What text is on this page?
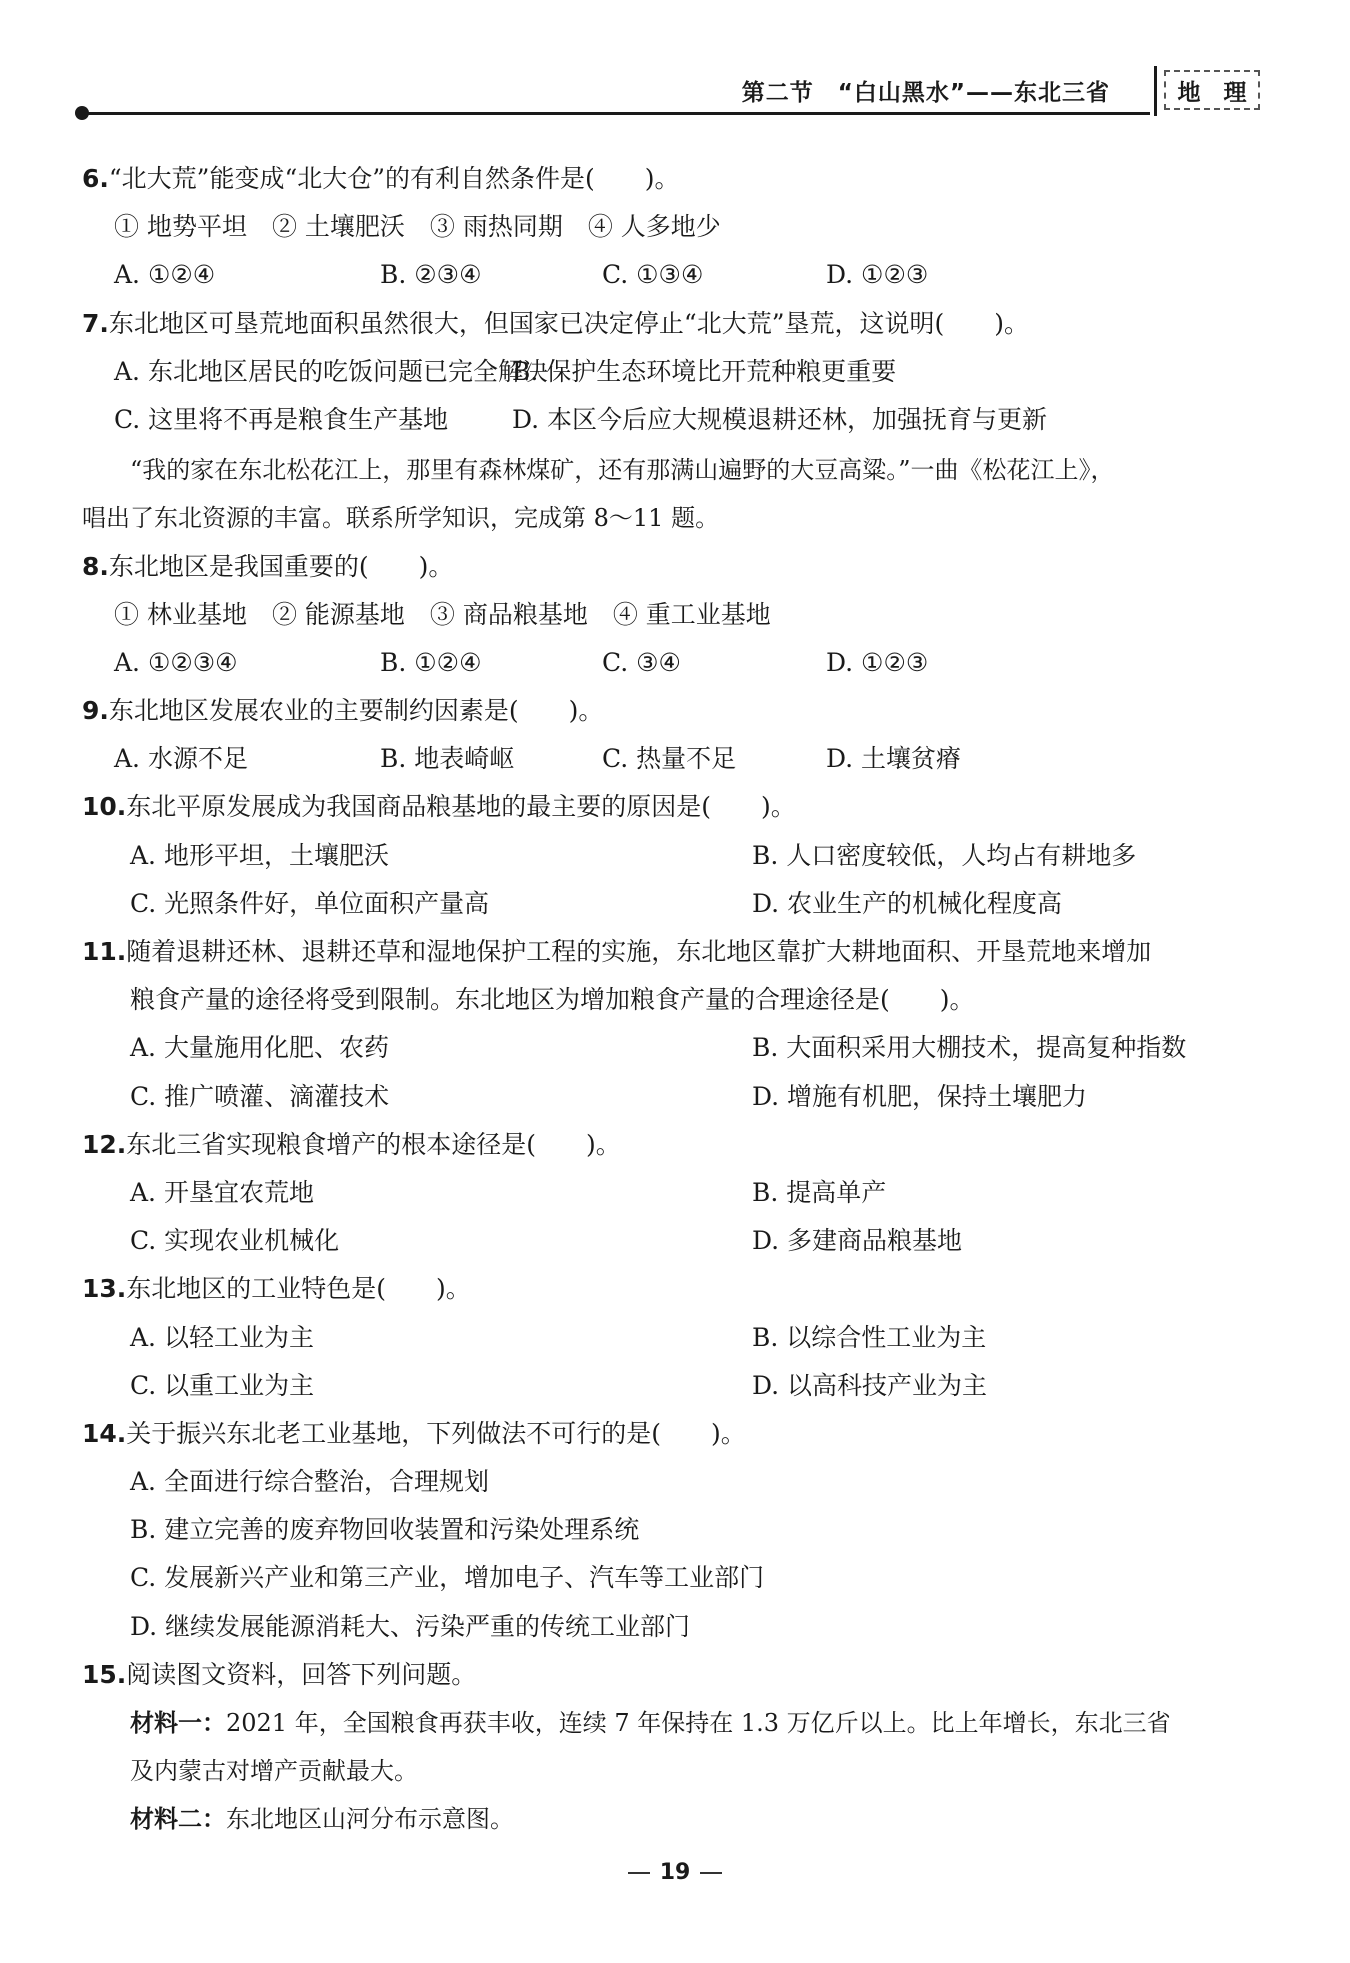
第二节　“白山黑水”——东北三省	地 理
6.“北大荒”能变成“北大仓”的有利自然条件是(　　)。
① 地势平坦　② 土壤肥沃　③ 雨热同期　④ 人多地少
A. ①②④	B. ②③④	C. ①③④	D. ①②③
7.东北地区可垦荒地面积虽然很大，但国家已决定停止“北大荒”垦荒，这说明(　　)。
A. 东北地区居民的吃饭问题已完全解决
B. 保护生态环境比开荒种粮更重要
C. 这里将不再是粮食生产基地	D. 本区今后应大规模退耕还林，加强抚育与更新
“我的家在东北松花江上，那里有森林煤矿，还有那满山遍野的大豆高粱。”一曲《松花江上》，
唱出了东北资源的丰富。联系所学知识，完成第 8～11 题。
8.东北地区是我国重要的(　　)。
① 林业基地　② 能源基地　③ 商品粮基地　④ 重工业基地
A. ①②③④	B. ①②④	C. ③④	D. ①②③
9.东北地区发展农业的主要制约因素是(　　)。
A. 水源不足	B. 地表崎岖	C. 热量不足	D. 土壤贫瘠
10.东北平原发展成为我国商品粮基地的最主要的原因是(　　)。
A. 地形平坦，土壤肥沃	B. 人口密度较低，人均占有耕地多
C. 光照条件好，单位面积产量高	D. 农业生产的机械化程度高
11.随着退耕还林、退耕还草和湿地保护工程的实施，东北地区靠扩大耕地面积、开垦荒地来增加
粮食产量的途径将受到限制。东北地区为增加粮食产量的合理途径是(　　)。
A. 大量施用化肥、农药	B. 大面积采用大棚技术，提高复种指数
C. 推广喷灌、滴灌技术	D. 增施有机肥，保持土壤肥力
12.东北三省实现粮食增产的根本途径是(　　)。
A. 开垦宜农荒地	B. 提高单产
C. 实现农业机械化	D. 多建商品粮基地
13.东北地区的工业特色是(　　)。
A. 以轻工业为主	B. 以综合性工业为主
C. 以重工业为主	D. 以高科技产业为主
14.关于振兴东北老工业基地，下列做法不可行的是(　　)。
A. 全面进行综合整治，合理规划
B. 建立完善的废弃物回收装置和污染处理系统
C. 发展新兴产业和第三产业，增加电子、汽车等工业部门
D. 继续发展能源消耗大、污染严重的传统工业部门
15.阅读图文资料，回答下列问题。
材料一：2021 年，全国粮食再获丰收，连续 7 年保持在 1.3 万亿斤以上。比上年增长，东北三省
及内蒙古对增产贡献最大。
材料二：东北地区山河分布示意图。
19
